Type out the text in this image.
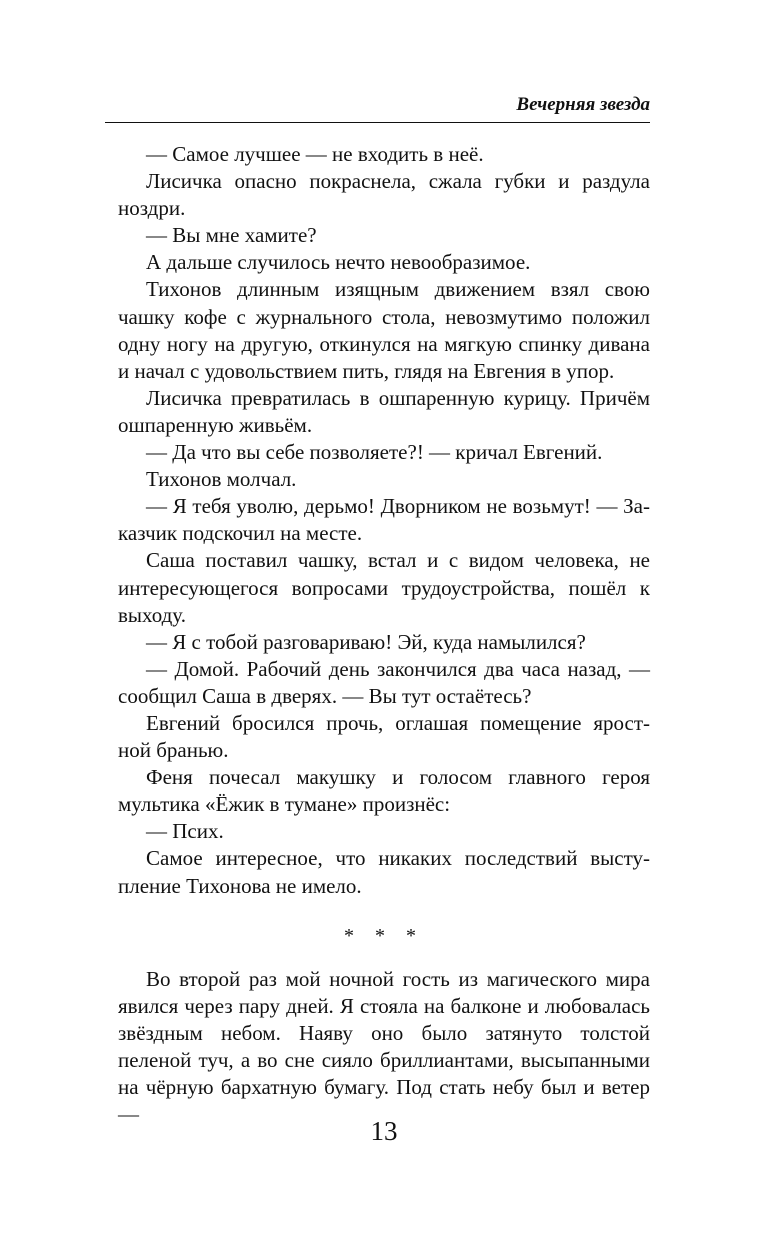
Вечерняя звезда

— Самое лучшее — не входить в неё.

Лисичка опасно покраснела, сжала губки и раздула
ноздри.

— Вы мне хамите?

А дальше случилось нечто невообразимое.

Тихонов длинным изящным движением взял свою
чашку кофе с журнального стола, невозмутимо положил одну ногу на другую, откинулся на мягкую спинку дивана и начал с удовольствием пить, глядя на Евгения в упор.

Лисичка превратилась в ошпаренную курицу. Причём
ошпаренную живьём.

— Да что вы себе позволяете?! — кричал Евгений.

Тихонов молчал.

— Я тебя уволю, дерьмо! Дворником не возьмут! — За-
казчик подскочил на месте.

Саша поставил чашку, встал и с видом человека, не
интересующегося вопросами трудоустройства, пошёл к выходу.

— Я с тобой разговариваю! Эй, куда намылился?

— Домой. Рабочий день закончился два часа назад, —
сообщил Саша в дверях. — Вы тут остаётесь?

Евгений бросился прочь, оглашая помещение ярост-
ной бранью.

Феня почесал макушку и голосом главного героя
мультика «Ёжик в тумане» произнёс:

— Псих.

Самое интересное, что никаких последствий высту-
пление Тихонова не имело.

* * *

Во второй раз мой ночной гость из магического мира
явился через пару дней. Я стояла на балконе и любовалась звёздным небом. Наяву оно было затянуто толстой пеленой туч, а во сне сияло бриллиантами, высыпанными на чёрную бархатную бумагу. Под стать небу был и ветер —

13
